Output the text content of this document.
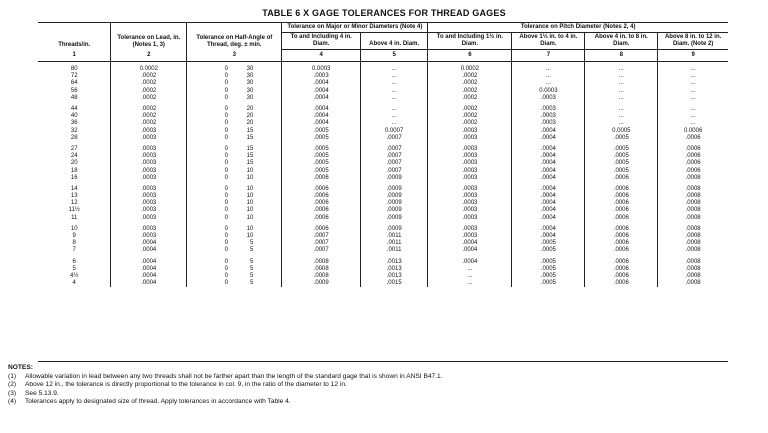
TABLE 6 X GAGE TOLERANCES FOR THREAD GAGES
Threads/in.	Tolerance on Lead, in. (Notes 1, 3)	Tolerance on Half-Angle of Thread, deg. ± min.	Tolerance on Major or Minor Diameters (Note 4)		Tolerance on Pitch Diameter (Notes 2, 4)			
			To and Including 4 in. Diam.	Above 4 in. Diam.	To and Including 1½ in. Diam.	Above 1½ in. to 4 in. Diam.	Above 4 in. to 8 in. Diam.	Above 8 in. to 12 in. Diam. (Note 2)
1	2	3	4	5	6	7	8	9

80	0.0002	0 30	0.0003	...	0.0002	...	...	...
72	.0002	0 30	.0003	...	.0002	...	...	...
64	.0002	0 30	.0004	...	.0002	...	...	...
56	.0002	0 30	.0004	...	.0002	0.0003	...	...
48	.0002	0 30	.0004	...	.0002	.0003	...	...

44	.0002	0 20	.0004	...	.0002	.0003	...	...
40	.0002	0 20	.0004	...	.0002	.0003	...	...
36	.0002	0 20	.0004	...	.0002	.0003	...	...
32	.0003	0 15	.0005	0.0007	.0003	.0004	0.0005	0.0006
28	.0003	0 15	.0005	.0007	.0003	.0004	.0005	.0006

27	.0003	0 15	.0005	.0007	.0003	.0004	.0005	.0006
24	.0003	0 15	.0005	.0007	.0003	.0004	.0005	.0006
20	.0003	0 15	.0005	.0007	.0003	.0004	.0005	.0006
18	.0003	0 10	.0005	.0007	.0003	.0004	.0005	.0006
16	.0003	0 10	.0006	.0009	.0003	.0004	.0006	.0008

14	.0003	0 10	.0006	.0009	.0003	.0004	.0006	.0008
13	.0003	0 10	.0006	.0009	.0003	.0004	.0006	.0008
12	.0003	0 10	.0006	.0009	.0003	.0004	.0006	.0008
11½	.0003	0 10	.0006	.0009	.0003	.0004	.0006	.0008
11	.0003	0 10	.0006	.0009	.0003	.0004	.0006	.0008

10	.0003	0 10	.0006	.0009	.0003	.0004	.0006	.0008
9	.0003	0 10	.0007	.0011	.0003	.0004	.0006	.0008
8	.0004	0 5	.0007	.0011	.0004	.0005	.0006	.0008
7	.0004	0 5	.0007	.0011	.0004	.0005	.0006	.0008

6	.0004	0 5	.0008	.0013	.0004	.0005	.0006	.0008
5	.0004	0 5	.0008	.0013	...	.0005	.0006	.0008
4½	.0004	0 5	.0008	.0013	...	.0005	.0006	.0008
4	.0004	0 5	.0009	.0015	...	.0005	.0006	.0008
NOTES:
(1)	Allowable variation in lead between any two threads shall not be farther apart than the length of the standard gage that is shown in ANSI B47.1.
(2)	Above 12 in., the tolerance is directly proportional to the tolerance in col. 9, in the ratio of the diameter to 12 in.
(3)	See 5.13.9.
(4)	Tolerances apply to designated size of thread. Apply tolerances in accordance with Table 4.
